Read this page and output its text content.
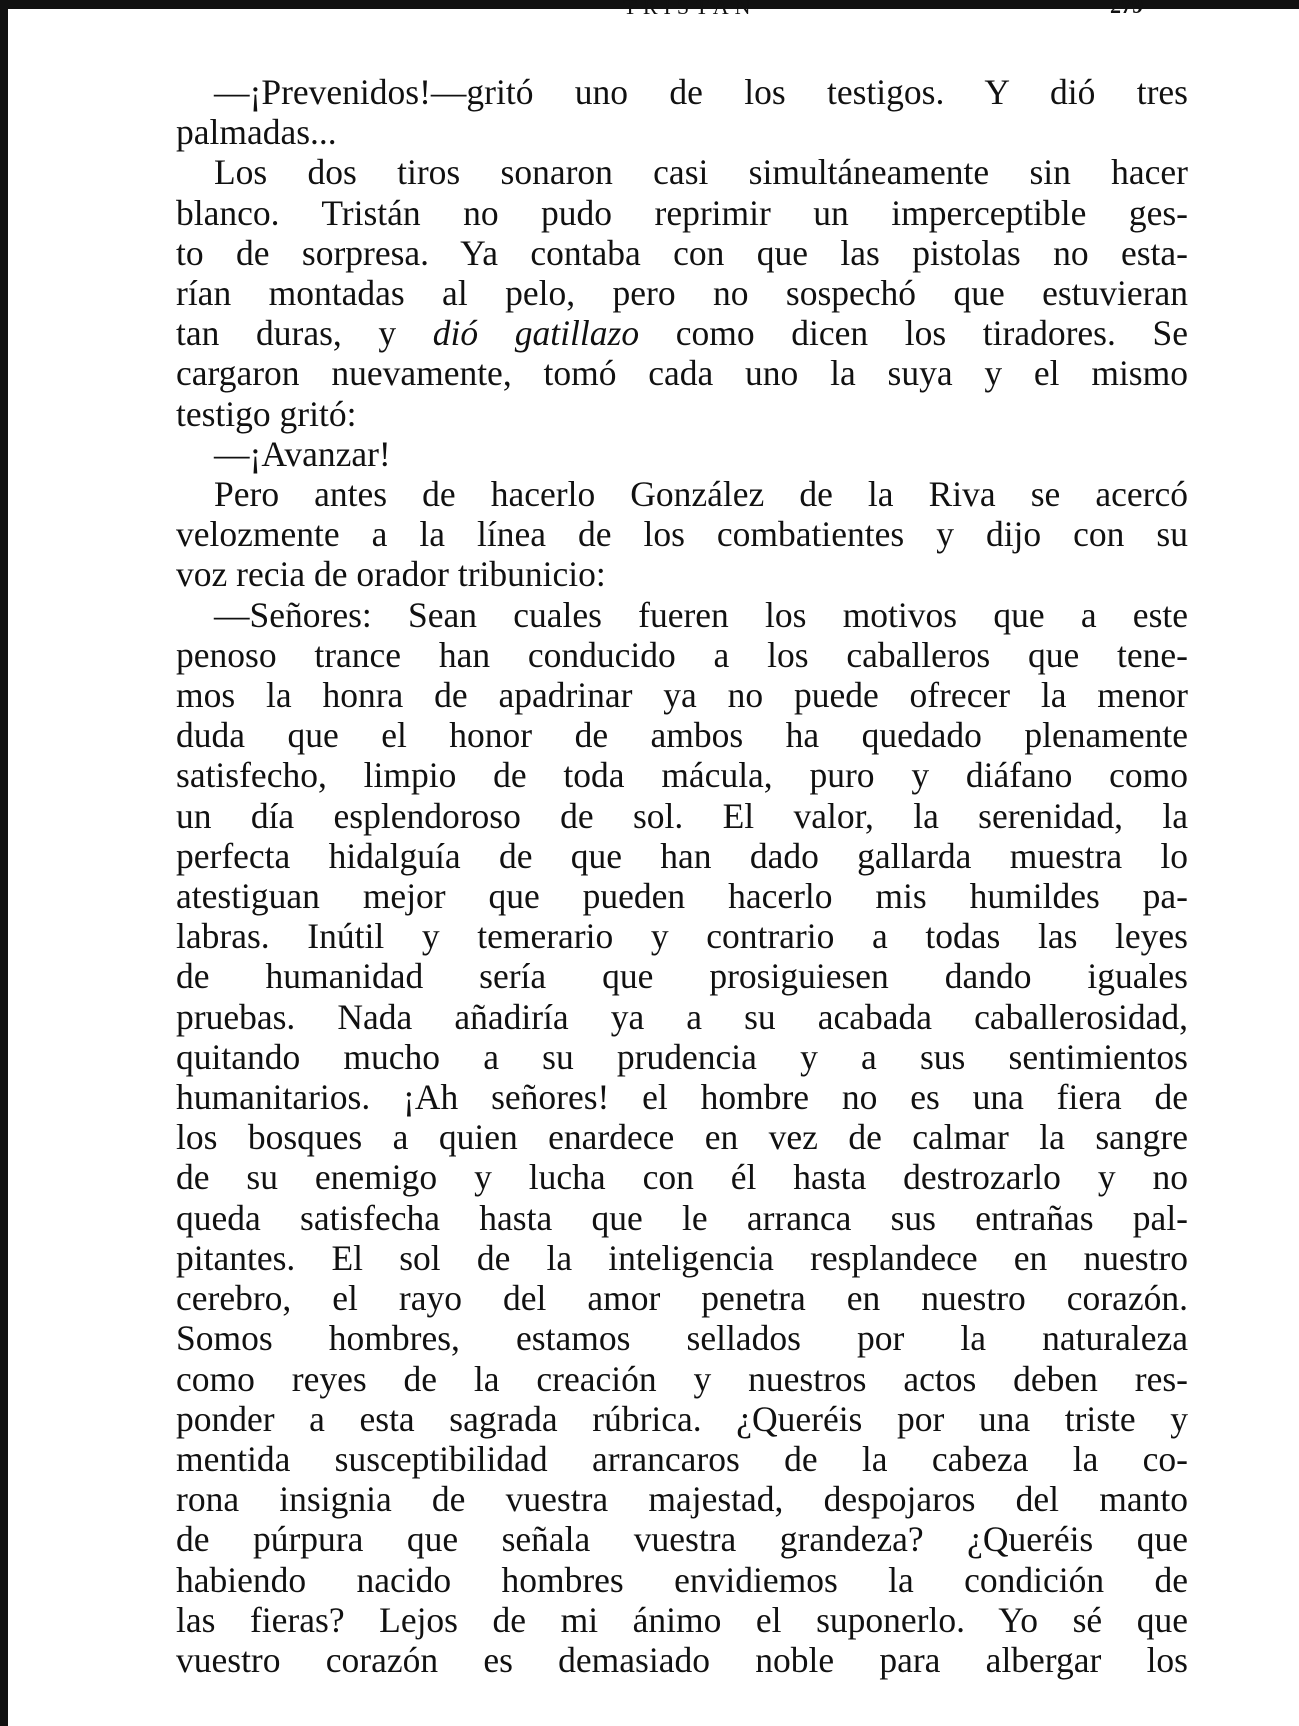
TRISTAN	279

—¡Prevenidos!—gritó uno de los testigos. Y dió tres
palmadas...

Los dos tiros sonaron casi simultáneamente sin hacer
blanco. Tristán no pudo reprimir un imperceptible ges-
to de sorpresa. Ya contaba con que las pistolas no esta-
rían montadas al pelo, pero no sospechó que estuvieran
tan duras, y dió gatillazo como dicen los tiradores. Se
cargaron nuevamente, tomó cada uno la suya y el mismo
testigo gritó:

—¡Avanzar!

Pero antes de hacerlo González de la Riva se acercó
velozmente a la línea de los combatientes y dijo con su
voz recia de orador tribunicio:

—Señores: Sean cuales fueren los motivos que a este
penoso trance han conducido a los caballeros que tene-
mos la honra de apadrinar ya no puede ofrecer la menor
duda que el honor de ambos ha quedado plenamente
satisfecho, limpio de toda mácula, puro y diáfano como
un día esplendoroso de sol. El valor, la serenidad, la
perfecta hidalguía de que han dado gallarda muestra lo
atestiguan mejor que pueden hacerlo mis humildes pa-
labras. Inútil y temerario y contrario a todas las leyes
de humanidad sería que prosiguiesen dando iguales
pruebas. Nada añadiría ya a su acabada caballerosidad,
quitando mucho a su prudencia y a sus sentimientos
humanitarios. ¡Ah señores! el hombre no es una fiera de
los bosques a quien enardece en vez de calmar la sangre
de su enemigo y lucha con él hasta destrozarlo y no
queda satisfecha hasta que le arranca sus entrañas pal-
pitantes. El sol de la inteligencia resplandece en nuestro
cerebro, el rayo del amor penetra en nuestro corazón.
Somos hombres, estamos sellados por la naturaleza
como reyes de la creación y nuestros actos deben res-
ponder a esta sagrada rúbrica. ¿Queréis por una triste y
mentida susceptibilidad arrancaros de la cabeza la co-
rona insignia de vuestra majestad, despojaros del manto
de púrpura que señala vuestra grandeza? ¿Queréis que
habiendo nacido hombres envidiemos la condición de
las fieras? Lejos de mi ánimo el suponerlo. Yo sé que
vuestro corazón es demasiado noble para albergar los
